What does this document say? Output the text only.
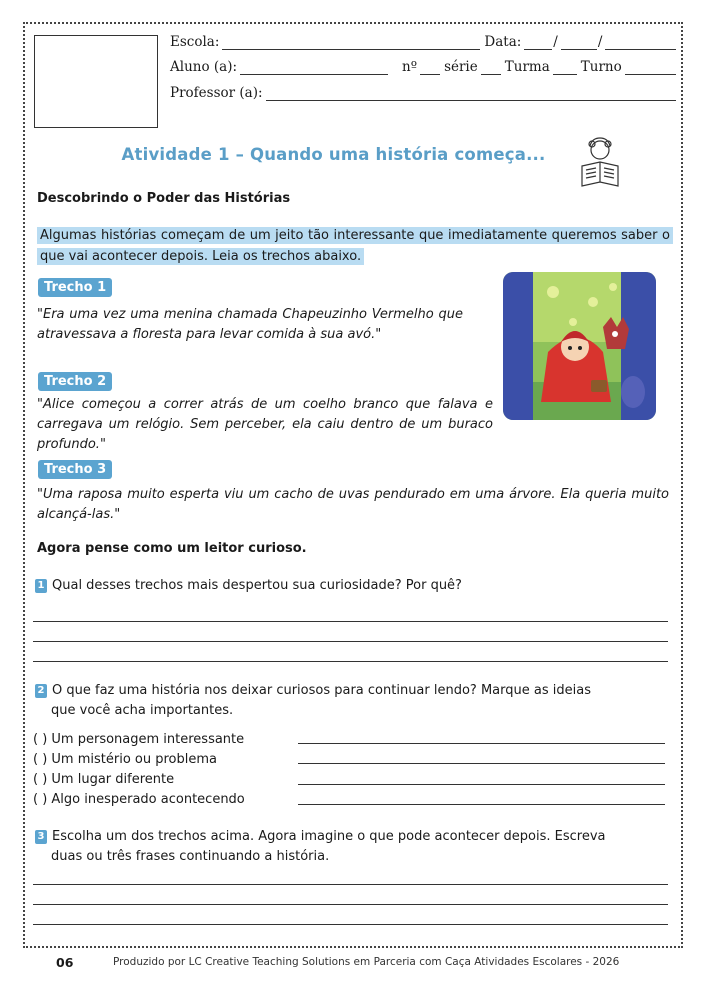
Escola:	Data: /	/
Aluno (a):	nº série Turma Turno
Professor (a):
Atividade 1 – Quando uma história começa...
Descobrindo o Poder das Histórias
Algumas histórias começam de um jeito tão interessante que imediatamente queremos saber o que vai acontecer depois. Leia os trechos abaixo.
Trecho 1
"Era uma vez uma menina chamada Chapeuzinho Vermelho que atravessava a floresta para levar comida à sua avó."
Trecho 2
"Alice começou a correr atrás de um coelho branco que falava e carregava um relógio. Sem perceber, ela caiu dentro de um buraco profundo."
Trecho 3
"Uma raposa muito esperta viu um cacho de uvas pendurado em uma árvore. Ela queria muito alcançá-las."
Agora pense como um leitor curioso.
1 Qual desses trechos mais despertou sua curiosidade? Por quê?
2 O que faz uma história nos deixar curiosos para continuar lendo? Marque as ideias
que você acha importantes.
( ) Um personagem interessante
( ) Um mistério ou problema
( ) Um lugar diferente
( ) Algo inesperado acontecendo
3 Escolha um dos trechos acima. Agora imagine o que pode acontecer depois. Escreva
duas ou três frases continuando a história.
06	Produzido por LC Creative Teaching Solutions em Parceria com Caça Atividades Escolares - 2026
